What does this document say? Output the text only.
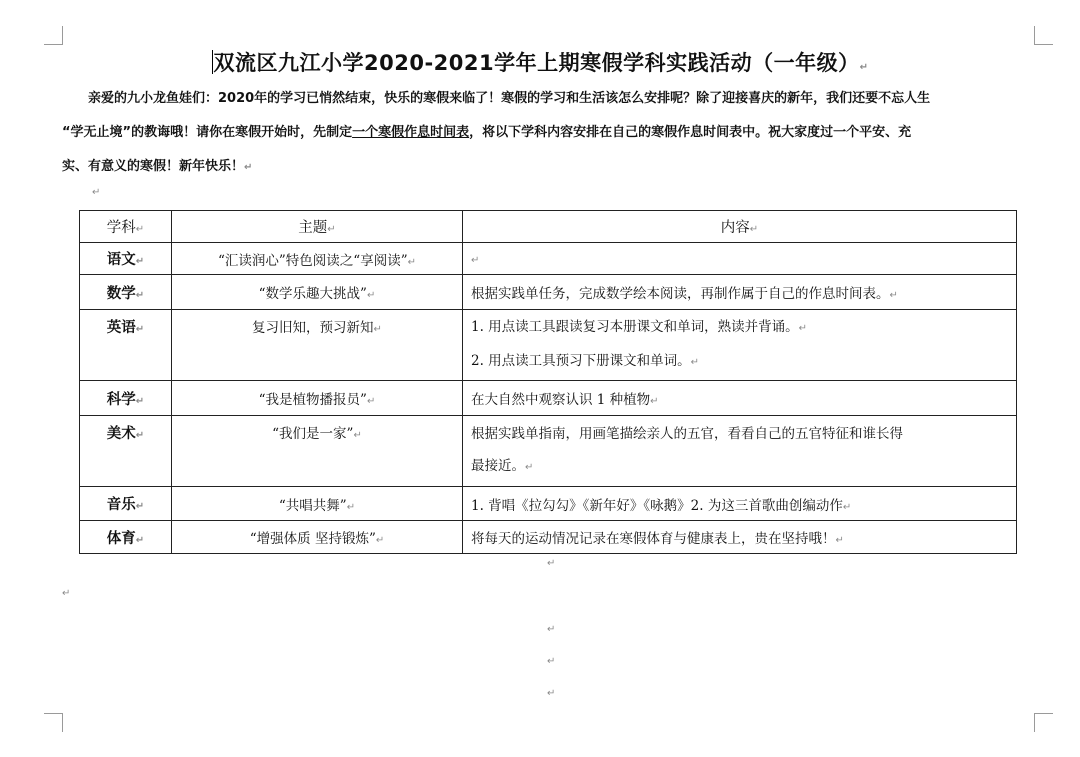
双流区九江小学2020-2021学年上期寒假学科实践活动（一年级）↵
亲爱的九小龙鱼娃们：2020年的学习已悄然结束，快乐的寒假来临了！寒假的学习和生活该怎么安排呢？除了迎接喜庆的新年，我们还要不忘人生
“学无止境”的教诲哦！请你在寒假开始时，先制定一个寒假作息时间表，将以下学科内容安排在自己的寒假作息时间表中。祝大家度过一个平安、充
实、有意义的寒假！新年快乐！↵
↵
学科↵	主题↵	内容↵
语文↵	“汇读润心”特色阅读之“享阅读”↵	↵
数学↵	“数学乐趣大挑战”↵	根据实践单任务，完成数学绘本阅读，再制作属于自己的作息时间表。↵
英语↵	复习旧知，预习新知↵	1. 用点读工具跟读复习本册课文和单词，熟读并背诵。↵
2. 用点读工具预习下册课文和单词。↵

科学↵	“我是植物播报员”↵	在大自然中观察认识 1 种植物↵
美术↵	“我们是一家”↵	根据实践单指南，用画笔描绘亲人的五官，看看自己的五官特征和谁长得
最接近。↵

音乐↵	“共唱共舞”↵	1. 背唱《拉勾勾》《新年好》《咏鹅》2. 为这三首歌曲创编动作↵
体育↵	“增强体质 坚持锻炼”↵	将每天的运动情况记录在寒假体育与健康表上，贵在坚持哦！↵
↵
↵
↵
↵
↵
